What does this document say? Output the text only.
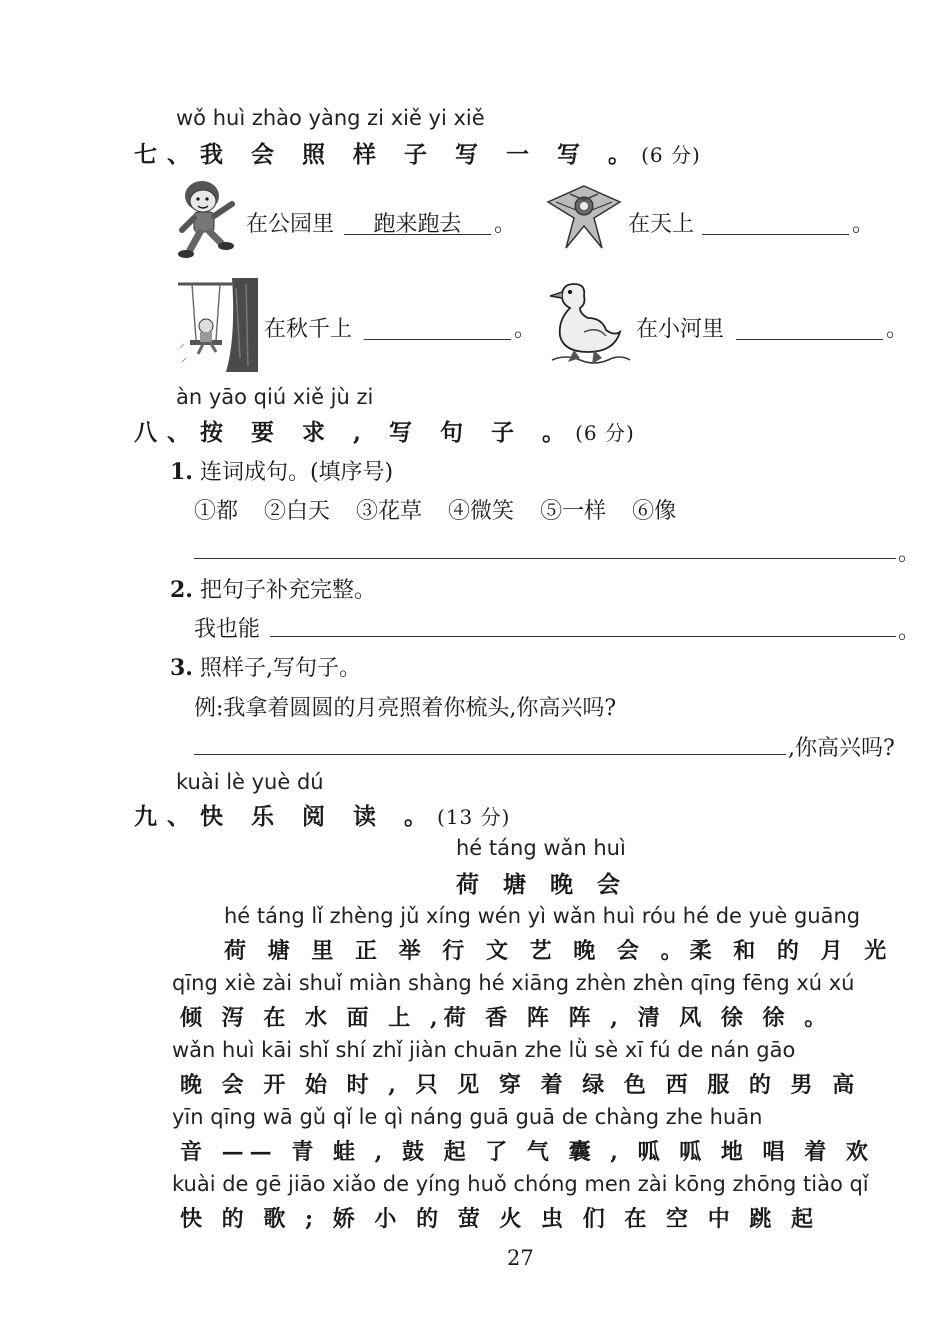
wǒ huì zhào yàng zi xiě yi xiě
七、我 会 照 样 子 写 一 写 。(6 分)
在公园里	跑来跑去	。	在天上	。
在秋千上	。	在小河里	。
àn yāo qiú xiě jù zi
八、按 要 求 , 写 句 子 。(6 分)
1. 连词成句。(填序号)
①都 ②白天 ③花草 ④微笑 ⑤一样 ⑥像
。
2. 把句子补充完整。
我也能	。
3. 照样子,写句子。
例:我拿着圆圆的月亮照着你梳头,你高兴吗?
,你高兴吗?
kuài lè yuè dú
九、快 乐 阅 读 。(13 分)
hé táng wǎn huì
荷 塘 晚 会
hé táng lǐ zhèng jǔ xíng wén yì wǎn huì róu hé de yuè guāng
荷 塘 里 正 举 行 文 艺 晚 会 。柔 和 的 月 光
qīng xiè zài shuǐ miàn shàng hé xiāng zhèn zhèn qīng fēng xú xú
倾 泻 在 水 面 上 ,荷 香 阵 阵 , 清 风 徐 徐 。
wǎn huì kāi shǐ shí zhǐ jiàn chuān zhe lǜ sè xī fú de nán gāo
晚 会 开 始 时 , 只 见 穿 着 绿 色 西 服 的 男 高
yīn qīng wā gǔ qǐ le qì náng guā guā de chàng zhe huān
音 —— 青 蛙 , 鼓 起 了 气 囊 , 呱 呱 地 唱 着 欢
kuài de gē jiāo xiǎo de yíng huǒ chóng men zài kōng zhōng tiào qǐ
快 的 歌 ; 娇 小 的 萤 火 虫 们 在 空 中 跳 起
27
